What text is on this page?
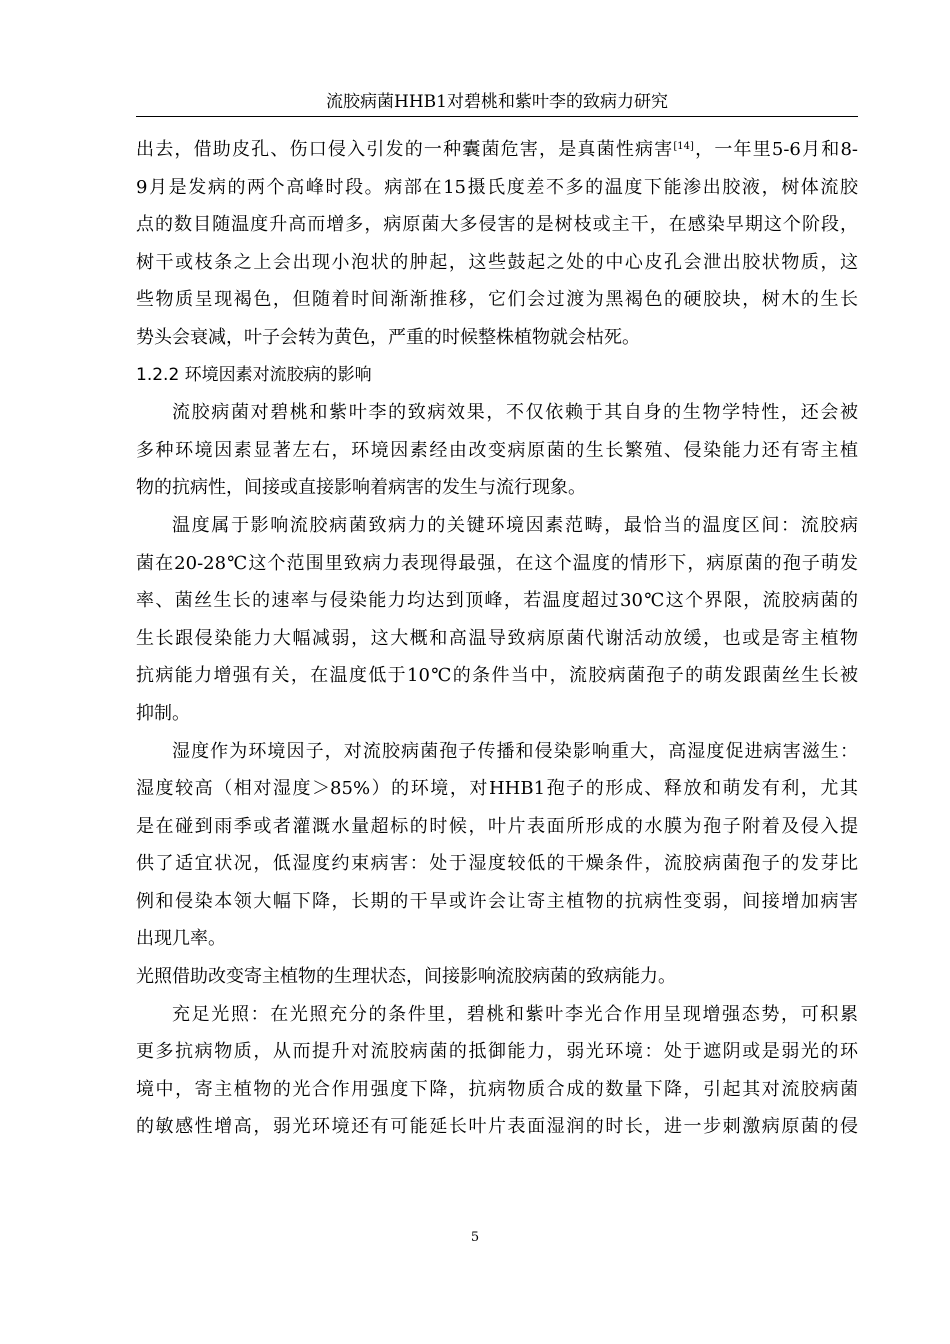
流胶病菌HHB1对碧桃和紫叶李的致病力研究
出去，借助皮孔、伤口侵入引发的一种囊菌危害，是真菌性病害[14]，一年里5-6月和8-
9月是发病的两个高峰时段。病部在15摄氏度差不多的温度下能渗出胶液，树体流胶
点的数目随温度升高而增多，病原菌大多侵害的是树枝或主干，在感染早期这个阶段，
树干或枝条之上会出现小泡状的肿起，这些鼓起之处的中心皮孔会泄出胶状物质，这
些物质呈现褐色，但随着时间渐渐推移，它们会过渡为黑褐色的硬胶块，树木的生长
势头会衰减，叶子会转为黄色，严重的时候整株植物就会枯死。
1.2.2 环境因素对流胶病的影响
流胶病菌对碧桃和紫叶李的致病效果，不仅依赖于其自身的生物学特性，还会被
多种环境因素显著左右，环境因素经由改变病原菌的生长繁殖、侵染能力还有寄主植
物的抗病性，间接或直接影响着病害的发生与流行现象。
温度属于影响流胶病菌致病力的关键环境因素范畴，最恰当的温度区间：流胶病
菌在20-28℃这个范围里致病力表现得最强，在这个温度的情形下，病原菌的孢子萌发
率、菌丝生长的速率与侵染能力均达到顶峰，若温度超过30℃这个界限，流胶病菌的
生长跟侵染能力大幅减弱，这大概和高温导致病原菌代谢活动放缓，也或是寄主植物
抗病能力增强有关，在温度低于10℃的条件当中，流胶病菌孢子的萌发跟菌丝生长被
抑制。
湿度作为环境因子，对流胶病菌孢子传播和侵染影响重大，高湿度促进病害滋生：
湿度较高（相对湿度＞85%）的环境，对HHB1孢子的形成、释放和萌发有利，尤其
是在碰到雨季或者灌溉水量超标的时候，叶片表面所形成的水膜为孢子附着及侵入提
供了适宜状况，低湿度约束病害：处于湿度较低的干燥条件，流胶病菌孢子的发芽比
例和侵染本领大幅下降，长期的干旱或许会让寄主植物的抗病性变弱，间接增加病害
出现几率。
光照借助改变寄主植物的生理状态，间接影响流胶病菌的致病能力。
充足光照：在光照充分的条件里，碧桃和紫叶李光合作用呈现增强态势，可积累
更多抗病物质，从而提升对流胶病菌的抵御能力，弱光环境：处于遮阴或是弱光的环
境中，寄主植物的光合作用强度下降，抗病物质合成的数量下降，引起其对流胶病菌
的敏感性增高，弱光环境还有可能延长叶片表面湿润的时长，进一步刺激病原菌的侵
5
